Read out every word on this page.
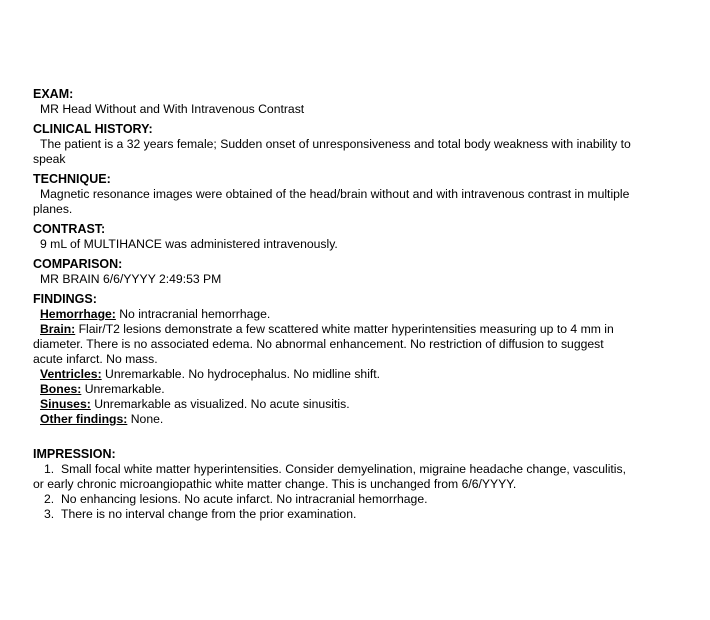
EXAM:
MR Head Without and With Intravenous Contrast
CLINICAL HISTORY:
The patient is a 32 years female; Sudden onset of unresponsiveness and total body weakness with inability to
speak
TECHNIQUE:
Magnetic resonance images were obtained of the head/brain without and with intravenous contrast in multiple
planes.
CONTRAST:
9 mL of MULTIHANCE was administered intravenously.
COMPARISON:
MR BRAIN 6/6/YYYY 2:49:53 PM
FINDINGS:
Hemorrhage: No intracranial hemorrhage.
Brain: Flair/T2 lesions demonstrate a few scattered white matter hyperintensities measuring up to 4 mm in
diameter. There is no associated edema. No abnormal enhancement. No restriction of diffusion to suggest
acute infarct. No mass.
Ventricles: Unremarkable. No hydrocephalus. No midline shift.
Bones: Unremarkable.
Sinuses: Unremarkable as visualized. No acute sinusitis.
Other findings: None.
IMPRESSION:
1. Small focal white matter hyperintensities. Consider demyelination, migraine headache change, vasculitis,
or early chronic microangiopathic white matter change. This is unchanged from 6/6/YYYY.
2. No enhancing lesions. No acute infarct. No intracranial hemorrhage.
3. There is no interval change from the prior examination.
